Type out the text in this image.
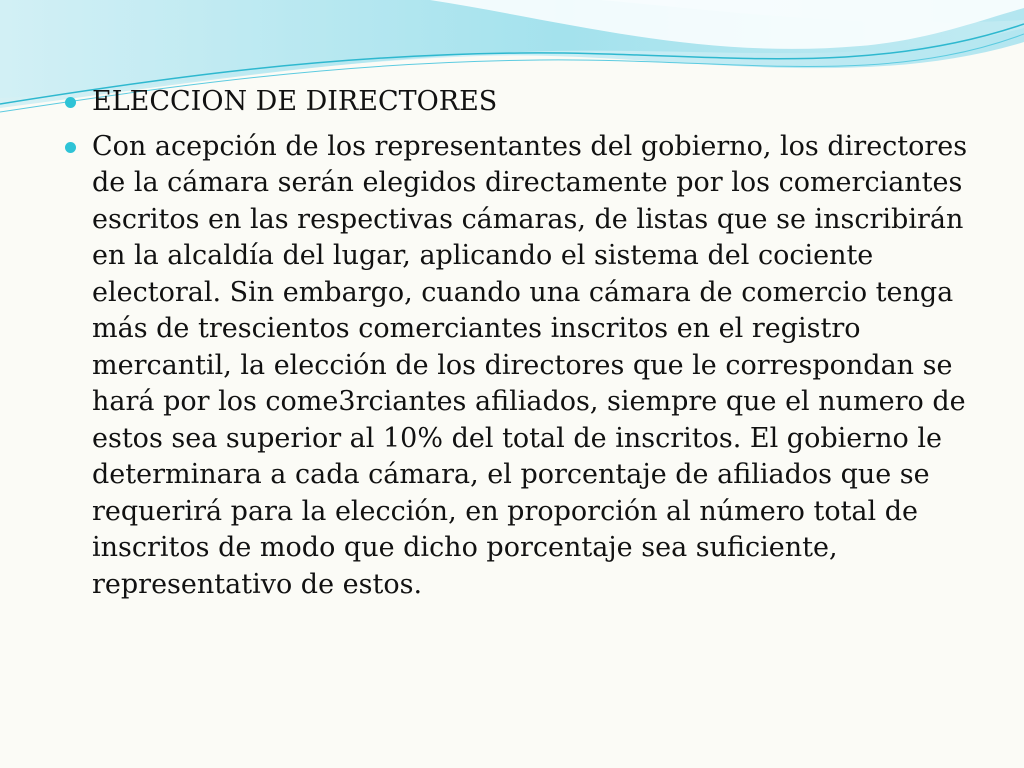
ELECCION DE DIRECTORES
Con acepción de los representantes del gobierno, los directores de la cámara serán elegidos directamente por los comerciantes escritos en las respectivas cámaras, de listas que se inscribirán en la alcaldía del lugar, aplicando el sistema del cociente electoral. Sin embargo, cuando una cámara de comercio tenga más de trescientos comerciantes inscritos en el registro mercantil, la elección de los directores que le correspondan se hará por los come3rciantes afiliados, siempre que el numero de estos sea superior al 10% del total de inscritos. El gobierno le determinara a cada cámara, el porcentaje de afiliados que se requerirá para la elección, en proporción al número total de inscritos de modo que dicho porcentaje sea suficiente, representativo de estos.
